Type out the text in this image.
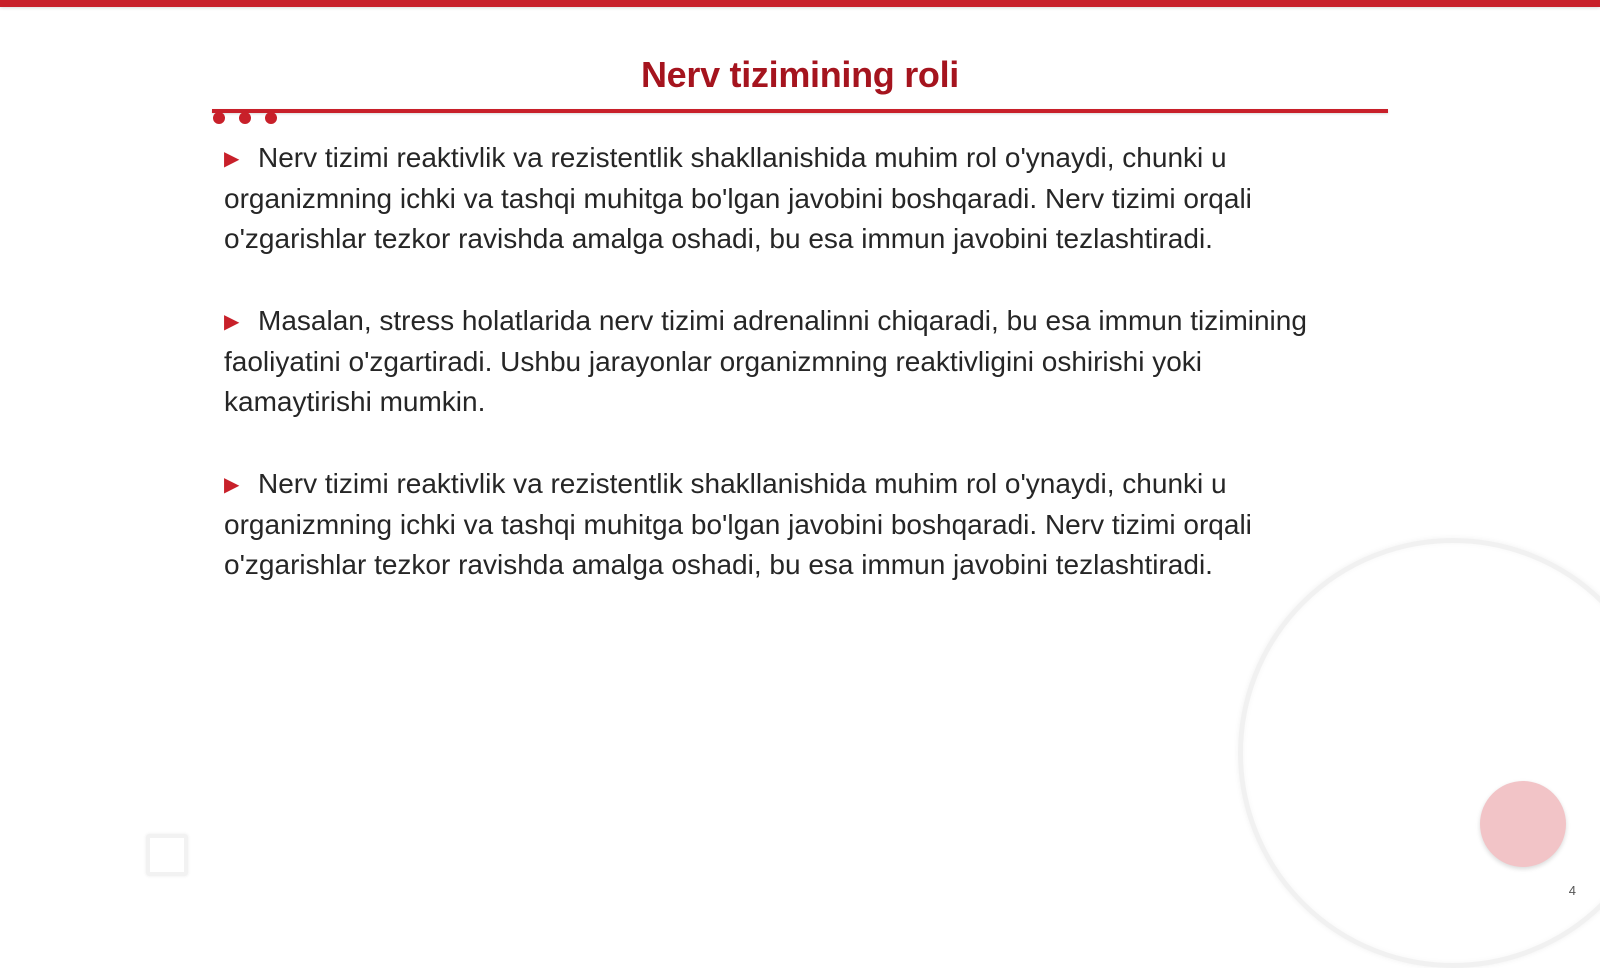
Nerv tizimining roli

▶ Nerv tizimi reaktivlik va rezistentlik shakllanishida muhim rol o'ynaydi, chunki u organizmning ichki va tashqi muhitga bo'lgan javobini boshqaradi. Nerv tizimi orqali o'zgarishlar tezkor ravishda amalga oshadi, bu esa immun javobini tezlashtiradi.

▶ Masalan, stress holatlarida nerv tizimi adrenalinni chiqaradi, bu esa immun tizimining faoliyatini o'zgartiradi. Ushbu jarayonlar organizmning reaktivligini oshirishi yoki kamaytirishi mumkin.

▶ Nerv tizimi reaktivlik va rezistentlik shakllanishida muhim rol o'ynaydi, chunki u organizmning ichki va tashqi muhitga bo'lgan javobini boshqaradi. Nerv tizimi orqali o'zgarishlar tezkor ravishda amalga oshadi, bu esa immun javobini tezlashtiradi.

4
